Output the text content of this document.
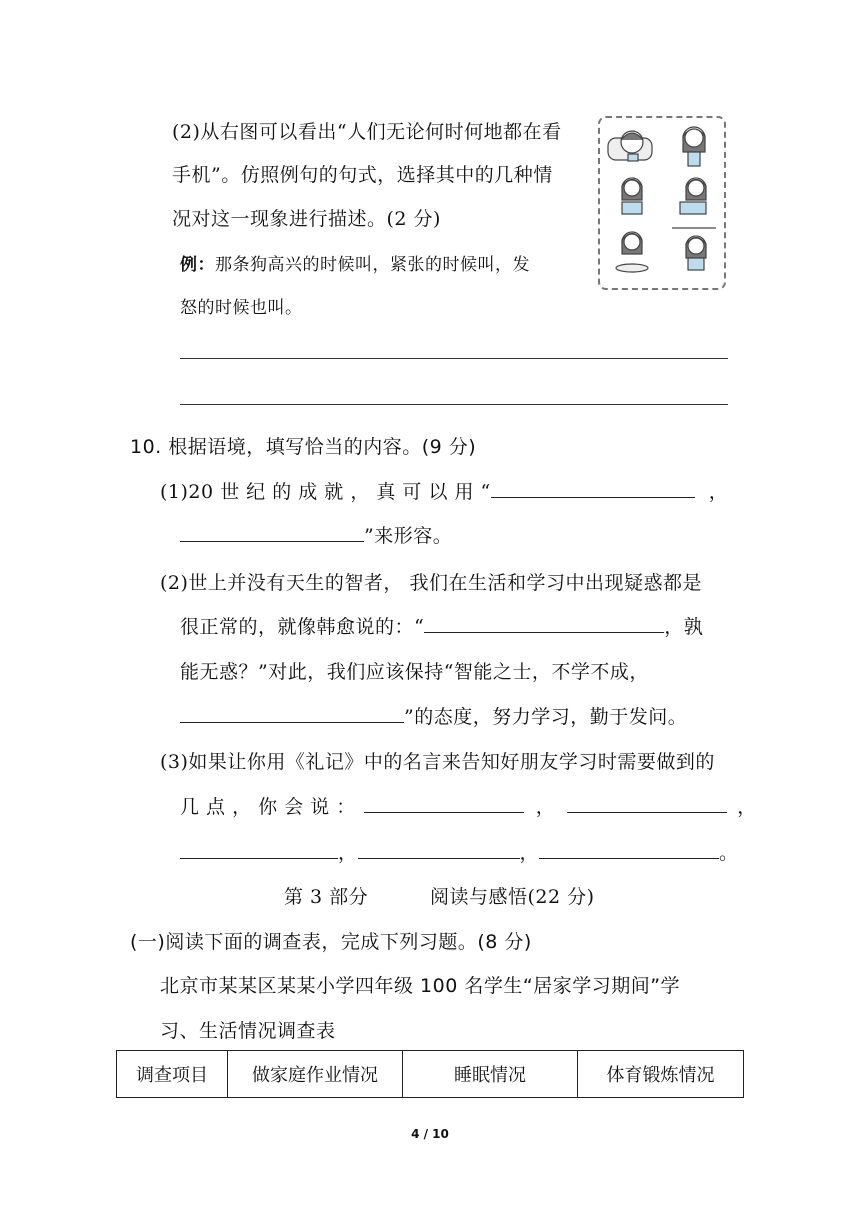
(2)从右图可以看出“人们无论何时何地都在看
手机”。仿照例句的句式，选择其中的几种情
况对这一现象进行描述。(2 分)
例：那条狗高兴的时候叫，紧张的时候叫，发
怒的时候也叫。
10. 根据语境，填写恰当的内容。(9 分)
(1)20 世 纪 的 成 就 ， 真 可 以 用 “	，
”来形容。
(2)世上并没有天生的智者， 我们在生活和学习中出现疑惑都是
很正常的，就像韩愈说的：“	，孰
能无惑？”对此，我们应该保持“智能之士，不学不成，
”的态度，努力学习，勤于发问。
(3)如果让你用《礼记》中的名言来告知好朋友学习时需要做到的
几 点 ， 你 会 说 ：	，	，
，	，	。
第 3 部分	阅读与感悟(22 分)
(一)阅读下面的调查表，完成下列习题。(8 分)
北京市某某区某某小学四年级 100 名学生“居家学习期间”学
习、生活情况调查表
调查项目	做家庭作业情况	睡眠情况	体育锻炼情况
4 / 10
